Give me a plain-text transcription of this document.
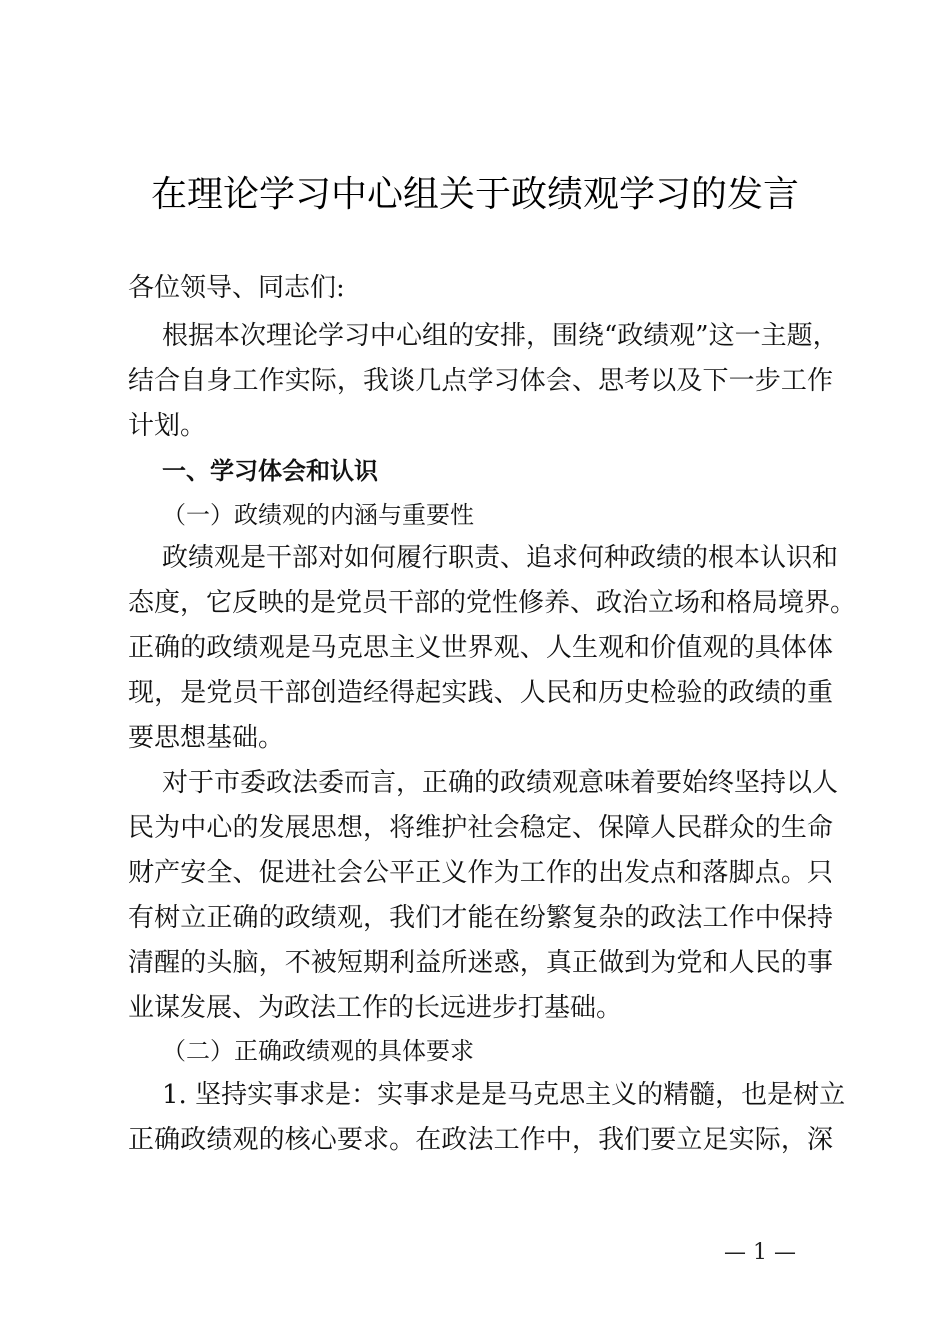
在理论学习中心组关于政绩观学习的发言
各位领导、同志们:
根据本次理论学习中心组的安排，围绕“政绩观”这一主题，
结合自身工作实际，我谈几点学习体会、思考以及下一步工作
计划。
一、学习体会和认识
（一）政绩观的内涵与重要性
政绩观是干部对如何履行职责、追求何种政绩的根本认识和
态度，它反映的是党员干部的党性修养、政治立场和格局境界。
正确的政绩观是马克思主义世界观、人生观和价值观的具体体
现，是党员干部创造经得起实践、人民和历史检验的政绩的重
要思想基础。
对于市委政法委而言，正确的政绩观意味着要始终坚持以人
民为中心的发展思想，将维护社会稳定、保障人民群众的生命
财产安全、促进社会公平正义作为工作的出发点和落脚点。只
有树立正确的政绩观，我们才能在纷繁复杂的政法工作中保持
清醒的头脑，不被短期利益所迷惑，真正做到为党和人民的事
业谋发展、为政法工作的长远进步打基础。
（二）正确政绩观的具体要求
1. 坚持实事求是：实事求是是马克思主义的精髓，也是树立
正确政绩观的核心要求。在政法工作中，我们要立足实际，深
— 1 —
